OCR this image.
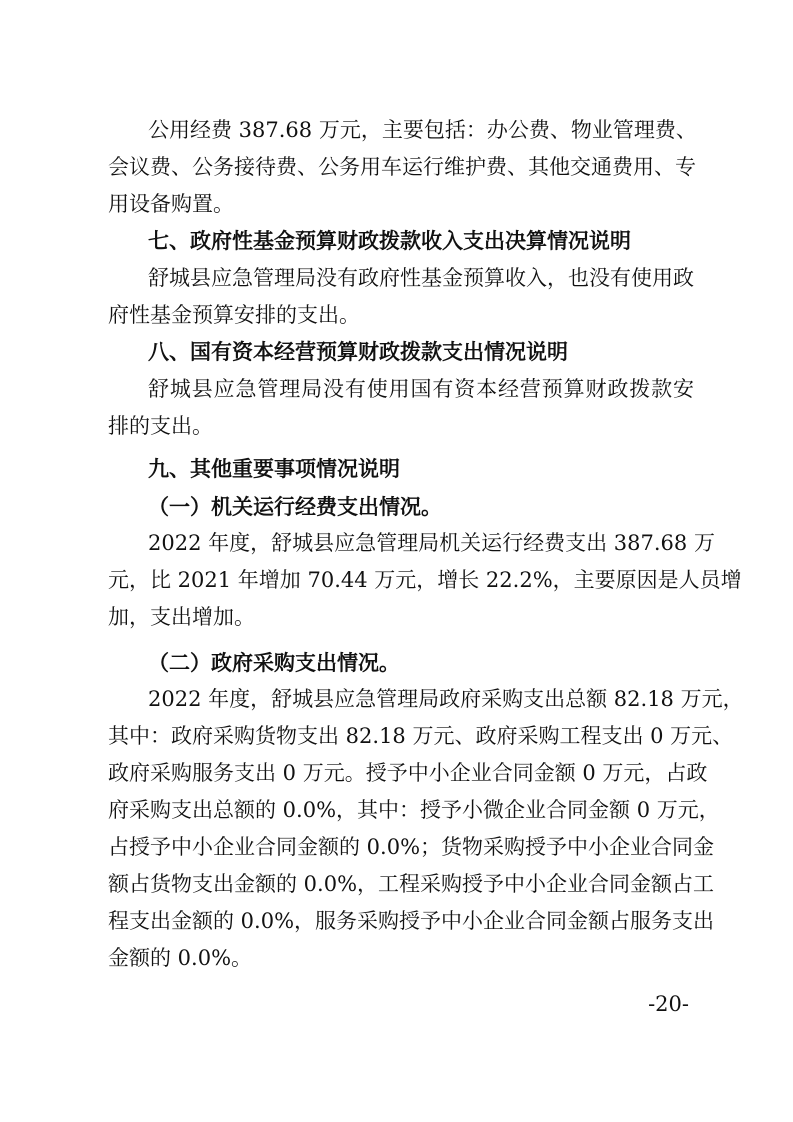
公用经费 387.68 万元，主要包括：办公费、物业管理费、
会议费、公务接待费、公务用车运行维护费、其他交通费用、专
用设备购置。
七、政府性基金预算财政拨款收入支出决算情况说明
舒城县应急管理局没有政府性基金预算收入，也没有使用政
府性基金预算安排的支出。
八、国有资本经营预算财政拨款支出情况说明
舒城县应急管理局没有使用国有资本经营预算财政拨款安
排的支出。
九、其他重要事项情况说明
（一）机关运行经费支出情况。
2022 年度，舒城县应急管理局机关运行经费支出 387.68 万
元，比 2021 年增加 70.44 万元，增长 22.2%，主要原因是人员增
加，支出增加。
（二）政府采购支出情况。
2022 年度，舒城县应急管理局政府采购支出总额 82.18 万元，
其中：政府采购货物支出 82.18 万元、政府采购工程支出 0 万元、
政府采购服务支出 0 万元。授予中小企业合同金额 0 万元，占政
府采购支出总额的 0.0%，其中：授予小微企业合同金额 0 万元，
占授予中小企业合同金额的 0.0%；货物采购授予中小企业合同金
额占货物支出金额的 0.0%，工程采购授予中小企业合同金额占工
程支出金额的 0.0%，服务采购授予中小企业合同金额占服务支出
金额的 0.0%。
-20-
